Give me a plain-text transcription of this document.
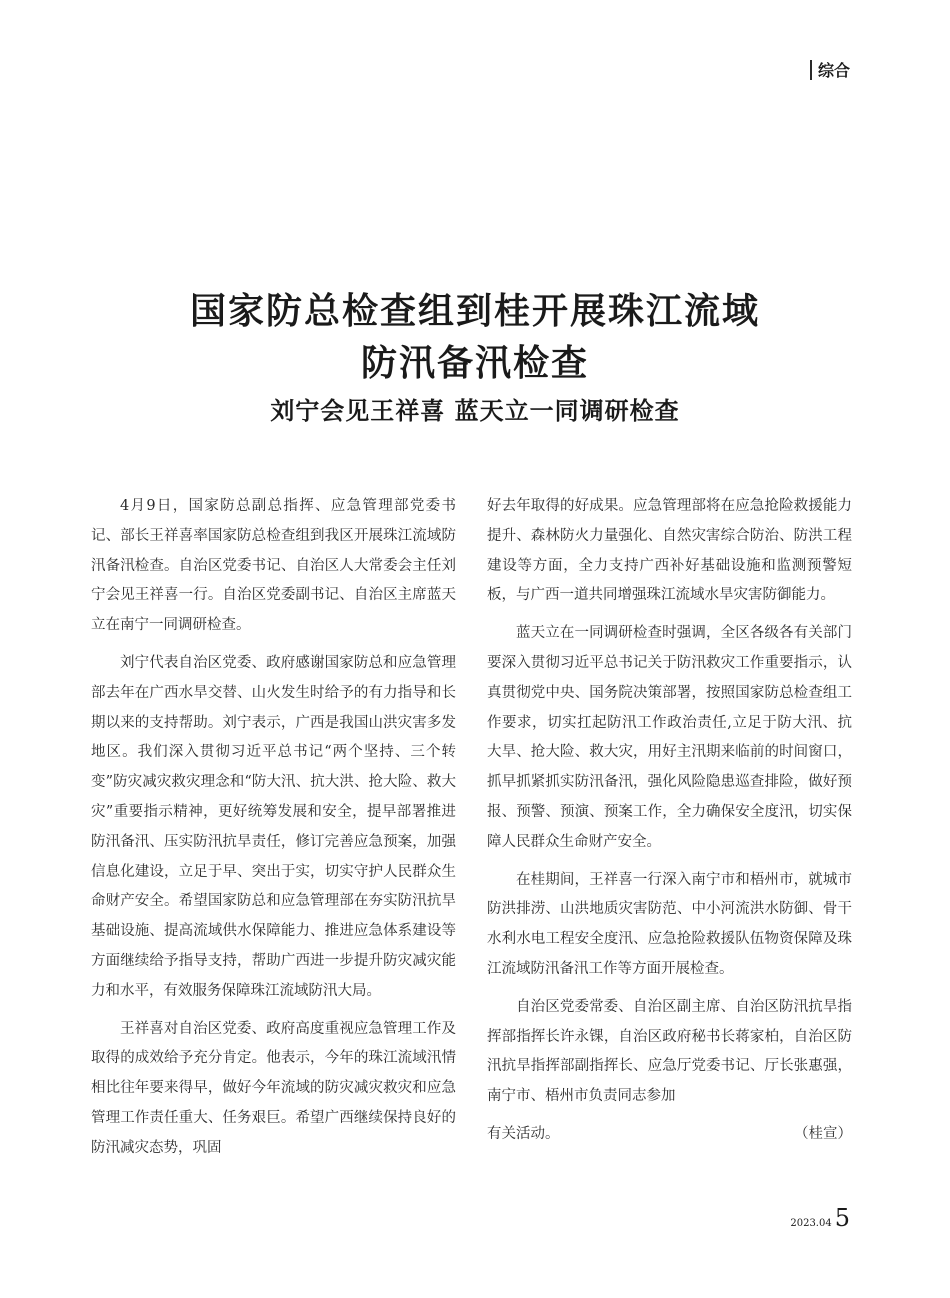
综合
国家防总检查组到桂开展珠江流域
防汛备汛检查
刘宁会见王祥喜 蓝天立一同调研检查

4月9日，国家防总副总指挥、应急管理部党委书记、部长王祥喜率国家防总检查组到我区开展珠江流域防汛备汛检查。自治区党委书记、自治区人大常委会主任刘宁会见王祥喜一行。自治区党委副书记、自治区主席蓝天立在南宁一同调研检查。

刘宁代表自治区党委、政府感谢国家防总和应急管理部去年在广西水旱交替、山火发生时给予的有力指导和长期以来的支持帮助。刘宁表示，广西是我国山洪灾害多发地区。我们深入贯彻习近平总书记“两个坚持、三个转变”防灾减灾救灾理念和“防大汛、抗大洪、抢大险、救大灾”重要指示精神，更好统筹发展和安全，提早部署推进防汛备汛、压实防汛抗旱责任，修订完善应急预案，加强信息化建设，立足于早、突出于实，切实守护人民群众生命财产安全。希望国家防总和应急管理部在夯实防汛抗旱基础设施、提高流域供水保障能力、推进应急体系建设等方面继续给予指导支持，帮助广西进一步提升防灾减灾能力和水平，有效服务保障珠江流域防汛大局。

王祥喜对自治区党委、政府高度重视应急管理工作及取得的成效给予充分肯定。他表示，今年的珠江流域汛情相比往年要来得早，做好今年流域的防灾减灾救灾和应急管理工作责任重大、任务艰巨。希望广西继续保持良好的防汛减灾态势，巩固

好去年取得的好成果。应急管理部将在应急抢险救援能力提升、森林防火力量强化、自然灾害综合防治、防洪工程建设等方面，全力支持广西补好基础设施和监测预警短板，与广西一道共同增强珠江流域水旱灾害防御能力。

蓝天立在一同调研检查时强调，全区各级各有关部门要深入贯彻习近平总书记关于防汛救灾工作重要指示，认真贯彻党中央、国务院决策部署，按照国家防总检查组工作要求，切实扛起防汛工作政治责任,立足于防大汛、抗大旱、抢大险、救大灾，用好主汛期来临前的时间窗口，抓早抓紧抓实防汛备汛，强化风险隐患巡查排险，做好预报、预警、预演、预案工作，全力确保安全度汛，切实保障人民群众生命财产安全。

在桂期间，王祥喜一行深入南宁市和梧州市，就城市防洪排涝、山洪地质灾害防范、中小河流洪水防御、骨干水利水电工程安全度汛、应急抢险救援队伍物资保障及珠江流域防汛备汛工作等方面开展检查。

自治区党委常委、自治区副主席、自治区防汛抗旱指挥部指挥长许永锞，自治区政府秘书长蒋家柏，自治区防汛抗旱指挥部副指挥长、应急厅党委书记、厅长张惠强，南宁市、梧州市负责同志参加

有关活动。	（桂宣）
2023.04 5
